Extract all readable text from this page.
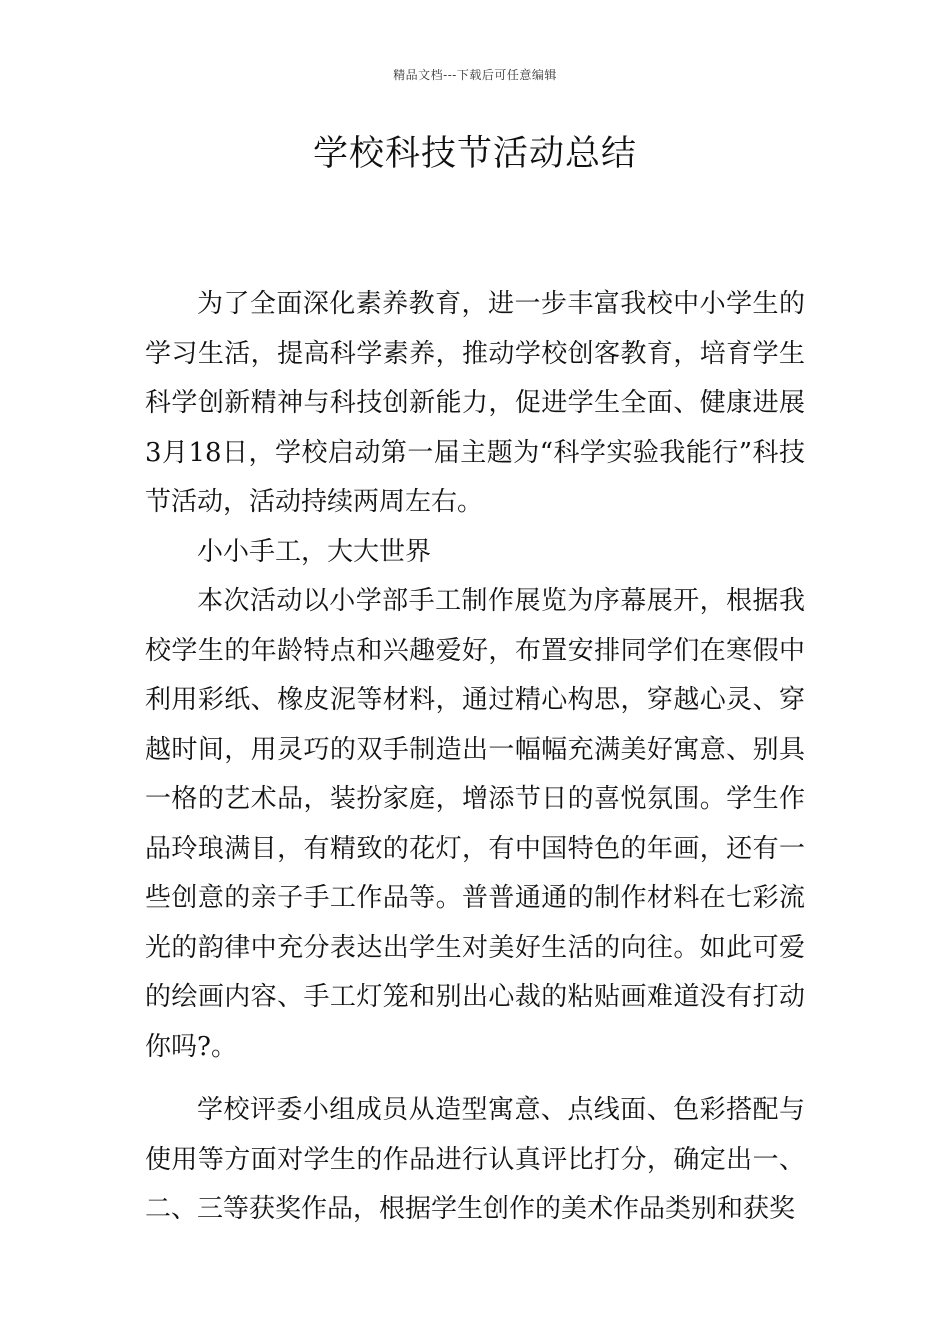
精品文档---下载后可任意编辑
学校科技节活动总结

为了全面深化素养教育，进一步丰富我校中小学生的学习生活，提高科学素养，推动学校创客教育，培育学生科学创新精神与科技创新能力，促进学生全面、健康进展3月18日，学校启动第一届主题为“科学实验我能行”科技节活动，活动持续两周左右。

小小手工，大大世界

本次活动以小学部手工制作展览为序幕展开，根据我校学生的年龄特点和兴趣爱好，布置安排同学们在寒假中利用彩纸、橡皮泥等材料，通过精心构思，穿越心灵、穿越时间，用灵巧的双手制造出一幅幅充满美好寓意、别具一格的艺术品，装扮家庭，增添节日的喜悦氛围。学生作品玲琅满目，有精致的花灯，有中国特色的年画，还有一些创意的亲子手工作品等。普普通通的制作材料在七彩流光的韵律中充分表达出学生对美好生活的向往。如此可爱的绘画内容、手工灯笼和别出心裁的粘贴画难道没有打动你吗?。

学校评委小组成员从造型寓意、点线面、色彩搭配与使用等方面对学生的作品进行认真评比打分，确定出一、二、三等获奖作品，根据学生创作的美术作品类别和获奖
